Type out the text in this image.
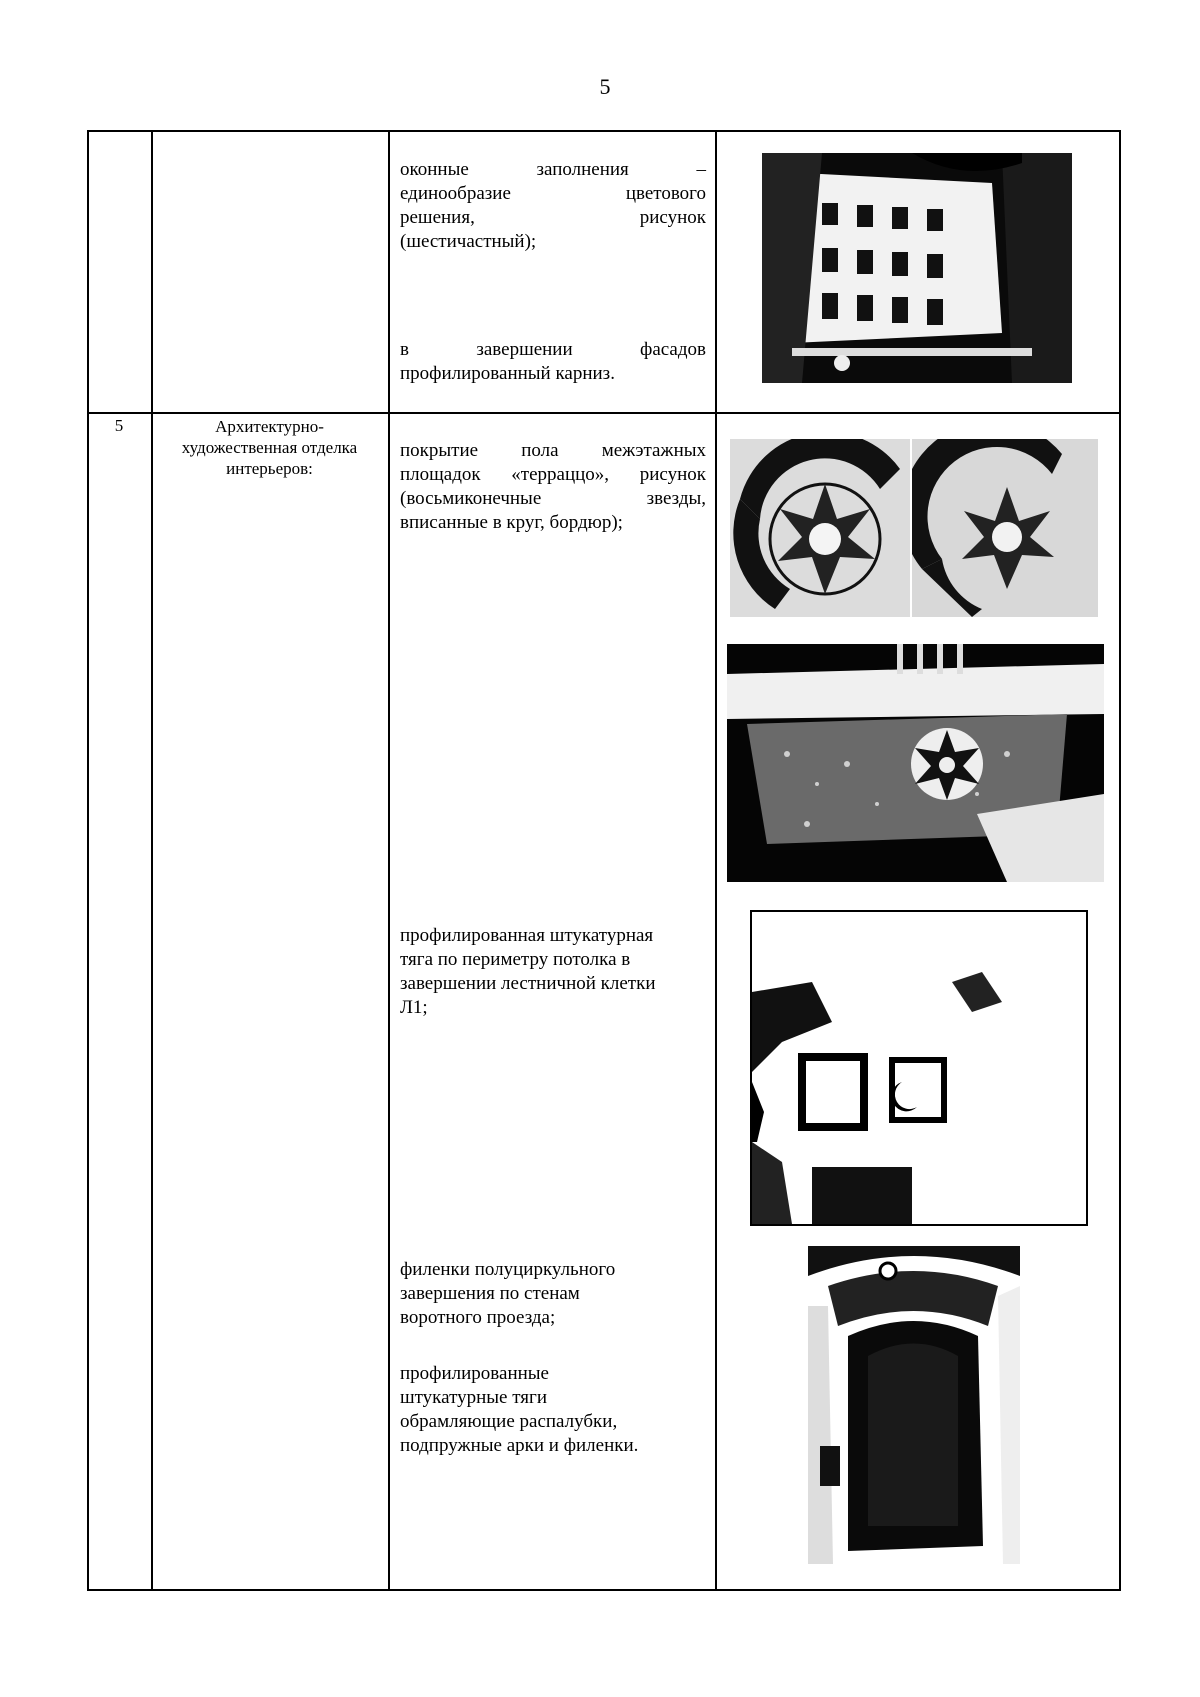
5
оконные заполнения –
единообразие цветового
решения, рисунок
(шестичастный);
в завершении фасадов
профилированный карниз.
5	Архитектурно-
художественная отделка
интерьеров:
покрытие пола межэтажных
площадок «терраццо», рисунок
(восьмиконечные звезды,
вписанные в круг, бордюр);
профилированная штукатурная
тяга по периметру потолка в
завершении лестничной клетки
Л1;
филенки полуциркульного
завершения по стенам
воротного проезда;
профилированные
штукатурные тяги
обрамляющие распалубки,
подпружные арки и филенки.
